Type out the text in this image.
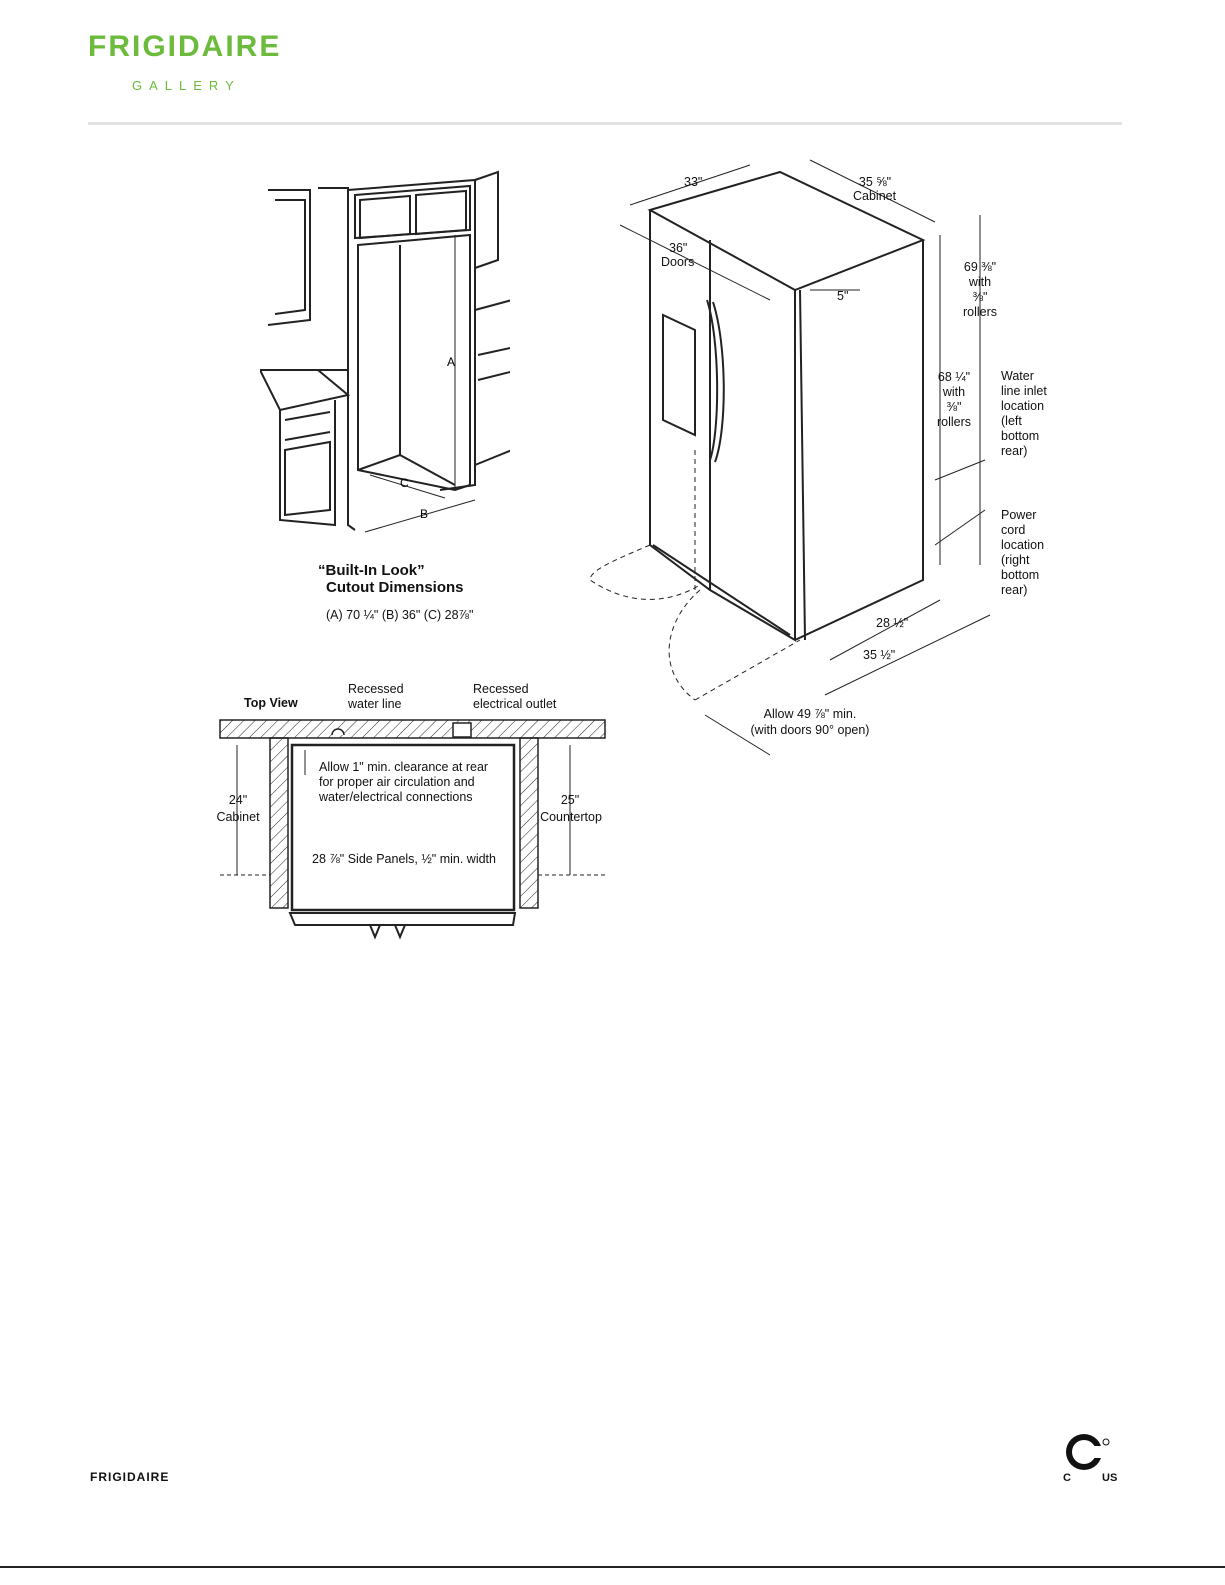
FRIGIDAIRE
GALLERY
A
C
B
“Built-In Look”
Cutout Dimensions
(A) 70 ¼" (B) 36" (C) 28⅞"
33"	35 ⅝"
Cabinet
36"
Doors
5"
69 ⅜"
with
⅜"
rollers
68 ¼"
with
⅜"
rollers
Water
line inlet
location
(left
bottom
rear)
Power
cord
location
(right
bottom
rear)
28 ½"
35 ½"
Allow 49 ⅞" min.
(with doors 90° open)
Top View
Recessed
water line
Recessed
electrical outlet
Allow 1" min. clearance at rear
for proper air circulation and
water/electrical connections
24"
Cabinet
25"
Countertop
28 ⅞" Side Panels, ½" min. width
FRIGIDAIRE	C	US
